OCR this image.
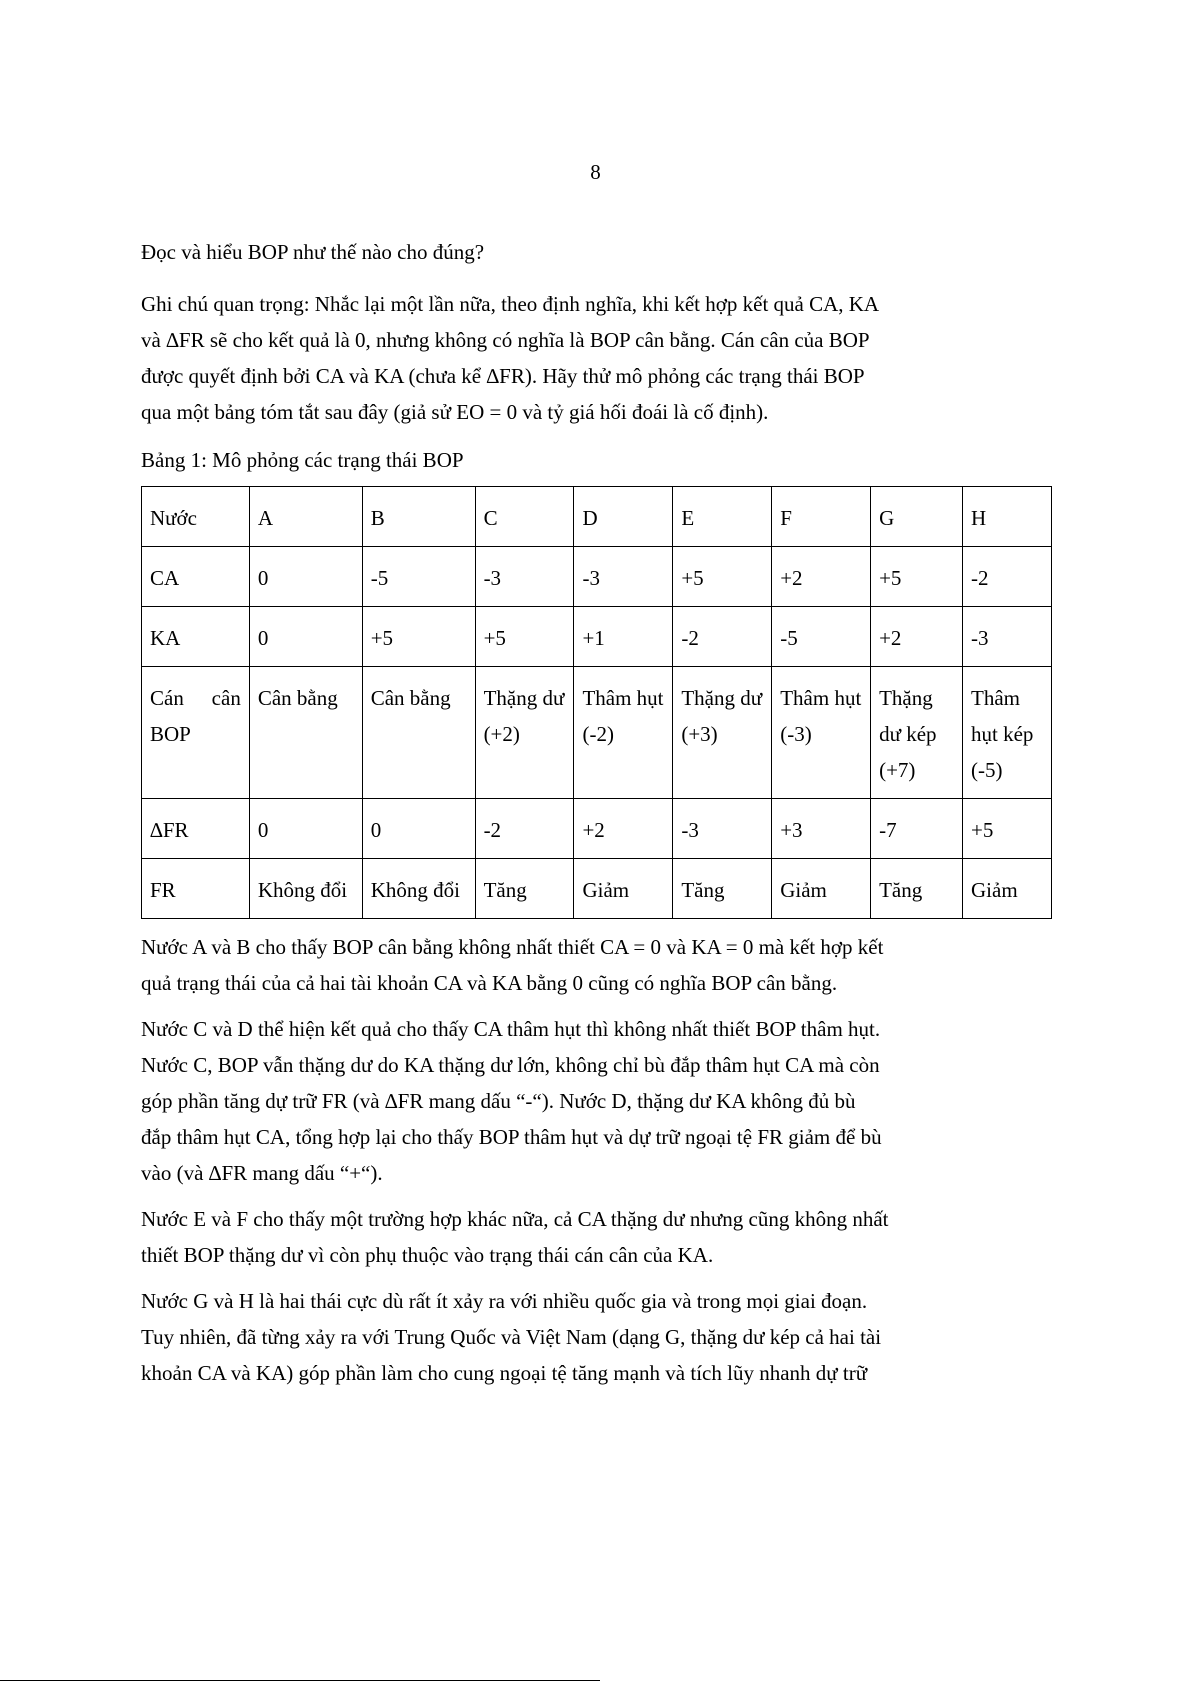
8

Đọc và hiểu BOP như thế nào cho đúng?

Ghi chú quan trọng: Nhắc lại một lần nữa, theo định nghĩa, khi kết hợp kết quả CA, KA

và ∆FR sẽ cho kết quả là 0, nhưng không có nghĩa là BOP cân bằng. Cán cân của BOP

được quyết định bởi CA và KA (chưa kể ∆FR). Hãy thử mô phỏng các trạng thái BOP

qua một bảng tóm tắt sau đây (giả sử EO = 0 và tỷ giá hối đoái là cố định).

Bảng 1: Mô phỏng các trạng thái BOP

Nước	A	B	C	D	E	F	G	H
CA	0	-5	-3	-3	+5	+2	+5	-2
KA	0	+5	+5	+1	-2	-5	+2	-3
Cán cân BOP	Cân bằng	Cân bằng	Thặng dư (+2)	Thâm hụt (-2)	Thặng dư (+3)	Thâm hụt (-3)	Thặng dư kép (+7)	Thâm hụt kép (-5)
∆FR	0	0	-2	+2	-3	+3	-7	+5
FR	Không đổi	Không đổi	Tăng	Giảm	Tăng	Giảm	Tăng	Giảm

Nước A và B cho thấy BOP cân bằng không nhất thiết CA = 0 và KA = 0 mà kết hợp kết
quả trạng thái của cả hai tài khoản CA và KA bằng 0 cũng có nghĩa BOP cân bằng.

Nước C và D thể hiện kết quả cho thấy CA thâm hụt thì không nhất thiết BOP thâm hụt.
Nước C, BOP vẫn thặng dư do KA thặng dư lớn, không chỉ bù đắp thâm hụt CA mà còn
góp phần tăng dự trữ FR (và ∆FR mang dấu “-“). Nước D, thặng dư KA không đủ bù
đắp thâm hụt CA, tổng hợp lại cho thấy BOP thâm hụt và dự trữ ngoại tệ FR giảm để bù
vào (và ∆FR mang dấu “+“).

Nước E và F cho thấy một trường hợp khác nữa, cả CA thặng dư nhưng cũng không nhất
thiết BOP thặng dư vì còn phụ thuộc vào trạng thái cán cân của KA.

Nước G và H là hai thái cực dù rất ít xảy ra với nhiều quốc gia và trong mọi giai đoạn.
Tuy nhiên, đã từng xảy ra với Trung Quốc và Việt Nam (dạng G, thặng dư kép cả hai tài
khoản CA và KA) góp phần làm cho cung ngoại tệ tăng mạnh và tích lũy nhanh dự trữ
